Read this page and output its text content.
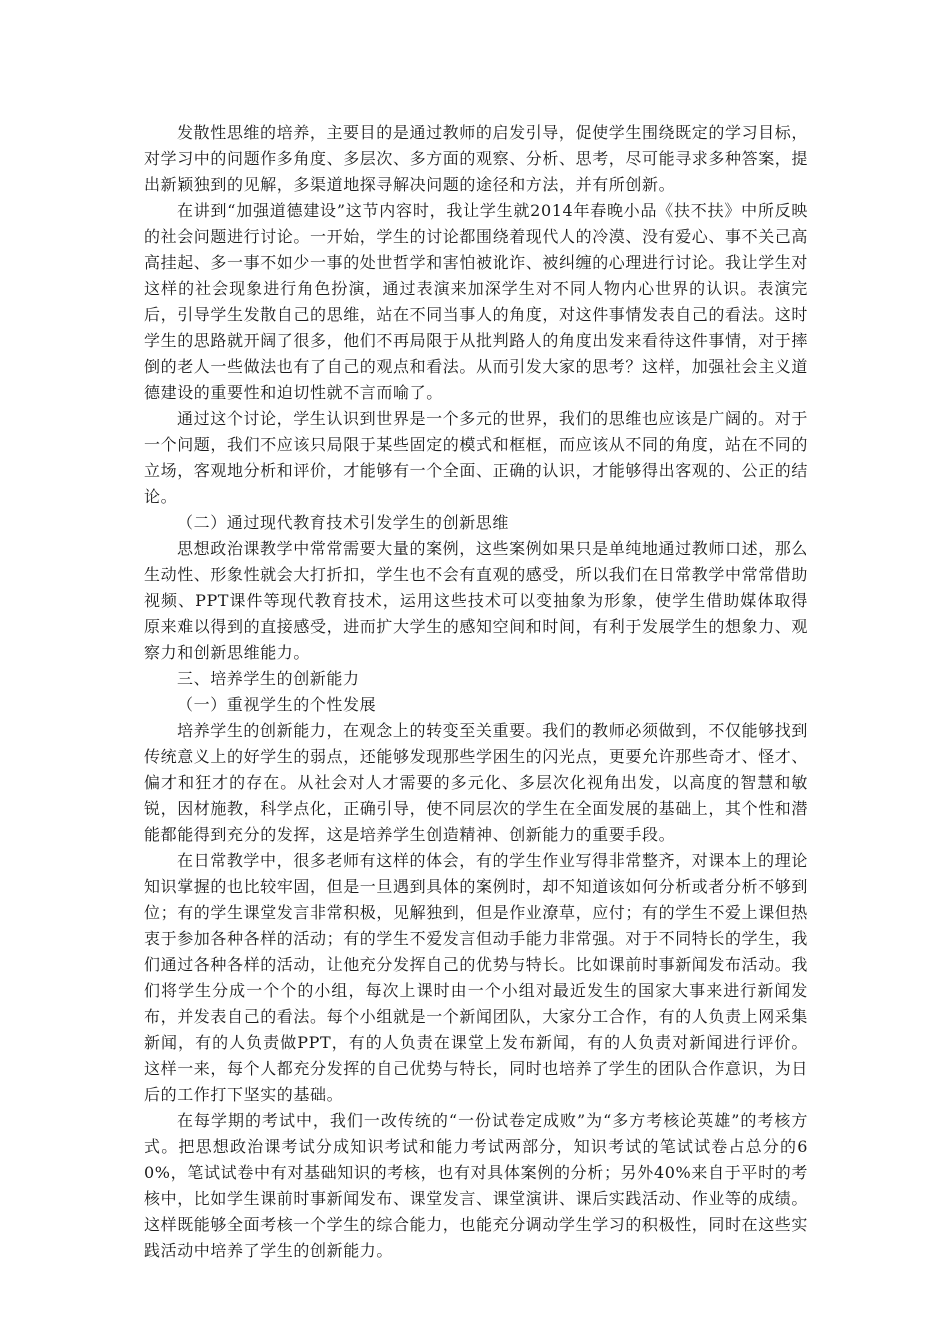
发散性思维的培养，主要目的是通过教师的启发引导，促使学生围绕既定的学习目标，对学习中的问题作多角度、多层次、多方面的观察、分析、思考，尽可能寻求多种答案，提出新颖独到的见解，多渠道地探寻解决问题的途径和方法，并有所创新。

在讲到“加强道德建设”这节内容时，我让学生就2014年春晚小品《扶不扶》中所反映的社会问题进行讨论。一开始，学生的讨论都围绕着现代人的冷漠、没有爱心、事不关己高高挂起、多一事不如少一事的处世哲学和害怕被讹诈、被纠缠的心理进行讨论。我让学生对这样的社会现象进行角色扮演，通过表演来加深学生对不同人物内心世界的认识。表演完后，引导学生发散自己的思维，站在不同当事人的角度，对这件事情发表自己的看法。这时学生的思路就开阔了很多，他们不再局限于从批判路人的角度出发来看待这件事情，对于摔倒的老人一些做法也有了自己的观点和看法。从而引发大家的思考？这样，加强社会主义道德建设的重要性和迫切性就不言而喻了。

通过这个讨论，学生认识到世界是一个多元的世界，我们的思维也应该是广阔的。对于一个问题，我们不应该只局限于某些固定的模式和框框，而应该从不同的角度，站在不同的立场，客观地分析和评价，才能够有一个全面、正确的认识，才能够得出客观的、公正的结论。

（二）通过现代教育技术引发学生的创新思维

思想政治课教学中常常需要大量的案例，这些案例如果只是单纯地通过教师口述，那么生动性、形象性就会大打折扣，学生也不会有直观的感受，所以我们在日常教学中常常借助视频、PPT课件等现代教育技术，运用这些技术可以变抽象为形象，使学生借助媒体取得原来难以得到的直接感受，进而扩大学生的感知空间和时间，有利于发展学生的想象力、观察力和创新思维能力。

三、培养学生的创新能力

（一）重视学生的个性发展

培养学生的创新能力，在观念上的转变至关重要。我们的教师必须做到，不仅能够找到传统意义上的好学生的弱点，还能够发现那些学困生的闪光点，更要允许那些奇才、怪才、偏才和狂才的存在。从社会对人才需要的多元化、多层次化视角出发，以高度的智慧和敏锐，因材施教，科学点化，正确引导，使不同层次的学生在全面发展的基础上，其个性和潜能都能得到充分的发挥，这是培养学生创造精神、创新能力的重要手段。

在日常教学中，很多老师有这样的体会，有的学生作业写得非常整齐，对课本上的理论知识掌握的也比较牢固，但是一旦遇到具体的案例时，却不知道该如何分析或者分析不够到位；有的学生课堂发言非常积极，见解独到，但是作业潦草，应付；有的学生不爱上课但热衷于参加各种各样的活动；有的学生不爱发言但动手能力非常强。对于不同特长的学生，我们通过各种各样的活动，让他充分发挥自己的优势与特长。比如课前时事新闻发布活动。我们将学生分成一个个的小组，每次上课时由一个小组对最近发生的国家大事来进行新闻发布，并发表自己的看法。每个小组就是一个新闻团队，大家分工合作，有的人负责上网采集新闻，有的人负责做PPT，有的人负责在课堂上发布新闻，有的人负责对新闻进行评价。这样一来，每个人都充分发挥的自己优势与特长，同时也培养了学生的团队合作意识，为日后的工作打下坚实的基础。

在每学期的考试中，我们一改传统的“一份试卷定成败”为“多方考核论英雄”的考核方式。把思想政治课考试分成知识考试和能力考试两部分，知识考试的笔试试卷占总分的60%，笔试试卷中有对基础知识的考核，也有对具体案例的分析；另外40%来自于平时的考核中，比如学生课前时事新闻发布、课堂发言、课堂演讲、课后实践活动、作业等的成绩。这样既能够全面考核一个学生的综合能力，也能充分调动学生学习的积极性，同时在这些实践活动中培养了学生的创新能力。
